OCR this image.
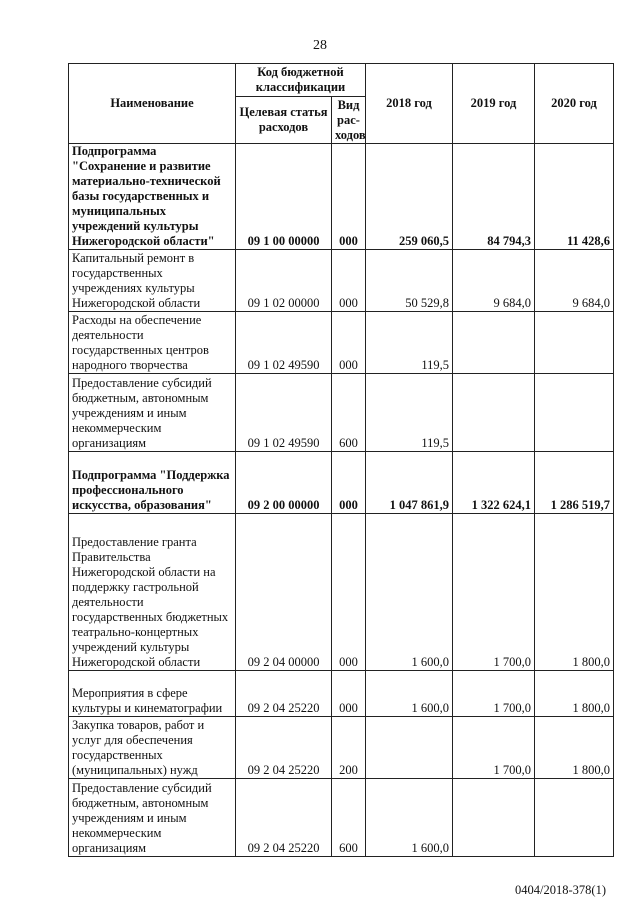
28
Наименование	Код бюджетной классификации		2018 год	2019 год	2020 год
	Целевая статья расходов	Вид рас-ходов			
Подпрограмма "Сохранение и развитие материально-технической базы государственных и муниципальных учреждений культуры Нижегородской области"	09 1 00 00000	000	259 060,5	84 794,3	11 428,6
Капитальный ремонт в государственных учреждениях культуры Нижегородской области	09 1 02 00000	000	50 529,8	9 684,0	9 684,0
Расходы на обеспечение деятельности государственных центров народного творчества	09 1 02 49590	000	119,5		
Предоставление субсидий бюджетным, автономным учреждениям и иным некоммерческим организациям	09 1 02 49590	600	119,5		
Подпрограмма "Поддержка профессионального искусства, образования"	09 2 00 00000	000	1 047 861,9	1 322 624,1	1 286 519,7
Предоставление гранта Правительства Нижегородской области на поддержку гастрольной деятельности государственных бюджетных театрально-концертных учреждений культуры Нижегородской области	09 2 04 00000	000	1 600,0	1 700,0	1 800,0
Мероприятия в сфере культуры и кинематографии	09 2 04 25220	000	1 600,0	1 700,0	1 800,0
Закупка товаров, работ и услуг для обеспечения государственных (муниципальных) нужд	09 2 04 25220	200		1 700,0	1 800,0
Предоставление субсидий бюджетным, автономным учреждениям и иным некоммерческим организациям	09 2 04 25220	600	1 600,0		
0404/2018-378(1)
